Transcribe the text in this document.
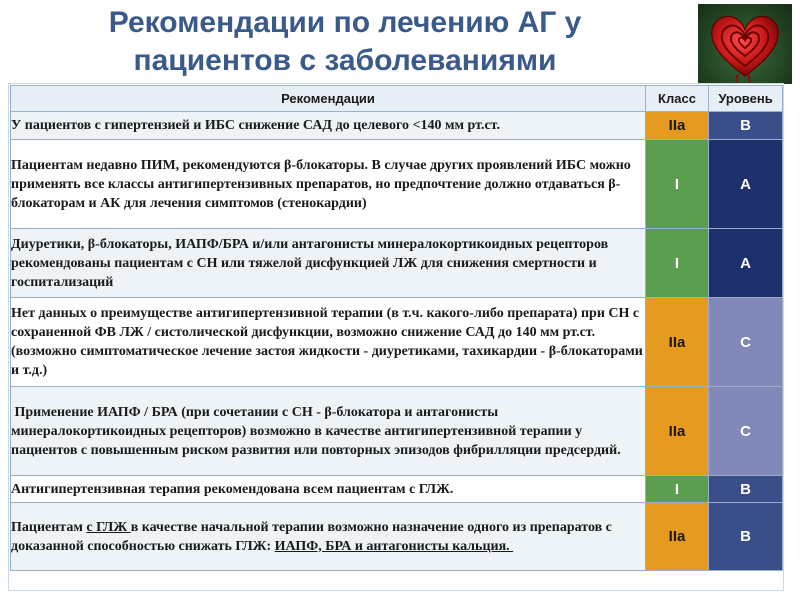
Рекомендации по лечению АГ у
пациентов с заболеваниями
Рекомендации	Класс	Уровень
У пациентов с гипертензией и ИБС снижение САД до целевого <140 мм рт.ст.	IIa	B
Пациентам недавно ПИМ, рекомендуются β-блокаторы. В случае других проявлений ИБС можно применять все классы антигипертензивных препаратов, но предпочтение должно отдаваться β-блокаторам и АК для лечения симптомов (стенокардии)	I	A
Диуретики, β-блокаторы, ИАПФ/БРА и/или антагонисты минералокортикоидных рецепторов рекомендованы пациентам с СН или тяжелой дисфункцией ЛЖ для снижения смертности и госпитализаций	I	A
Нет данных о преимуществе антигипертензивной терапии (в т.ч. какого-либо препарата) при СН с сохраненной ФВ ЛЖ / систолической дисфункции, возможно снижение САД до 140 мм рт.ст. (возможно симптоматическое лечение застоя жидкости - диуретиками, тахикардии - β-блокаторами и т.д.)	IIa	C
Применение ИАПФ / БРА (при сочетании с СН - β-блокатора и антагонисты минералокортикоидных рецепторов) возможно в качестве антигипертензивной терапии у пациентов с повышенным риском развития или повторных эпизодов фибрилляции предсердий.	IIa	C
Антигипертензивная терапия рекомендована всем пациентам с ГЛЖ.	I	B
Пациентам с ГЛЖ в качестве начальной терапии возможно назначение одного из препаратов с доказанной способностью снижать ГЛЖ: ИАПФ, БРА и антагонисты кальция.	IIa	B
